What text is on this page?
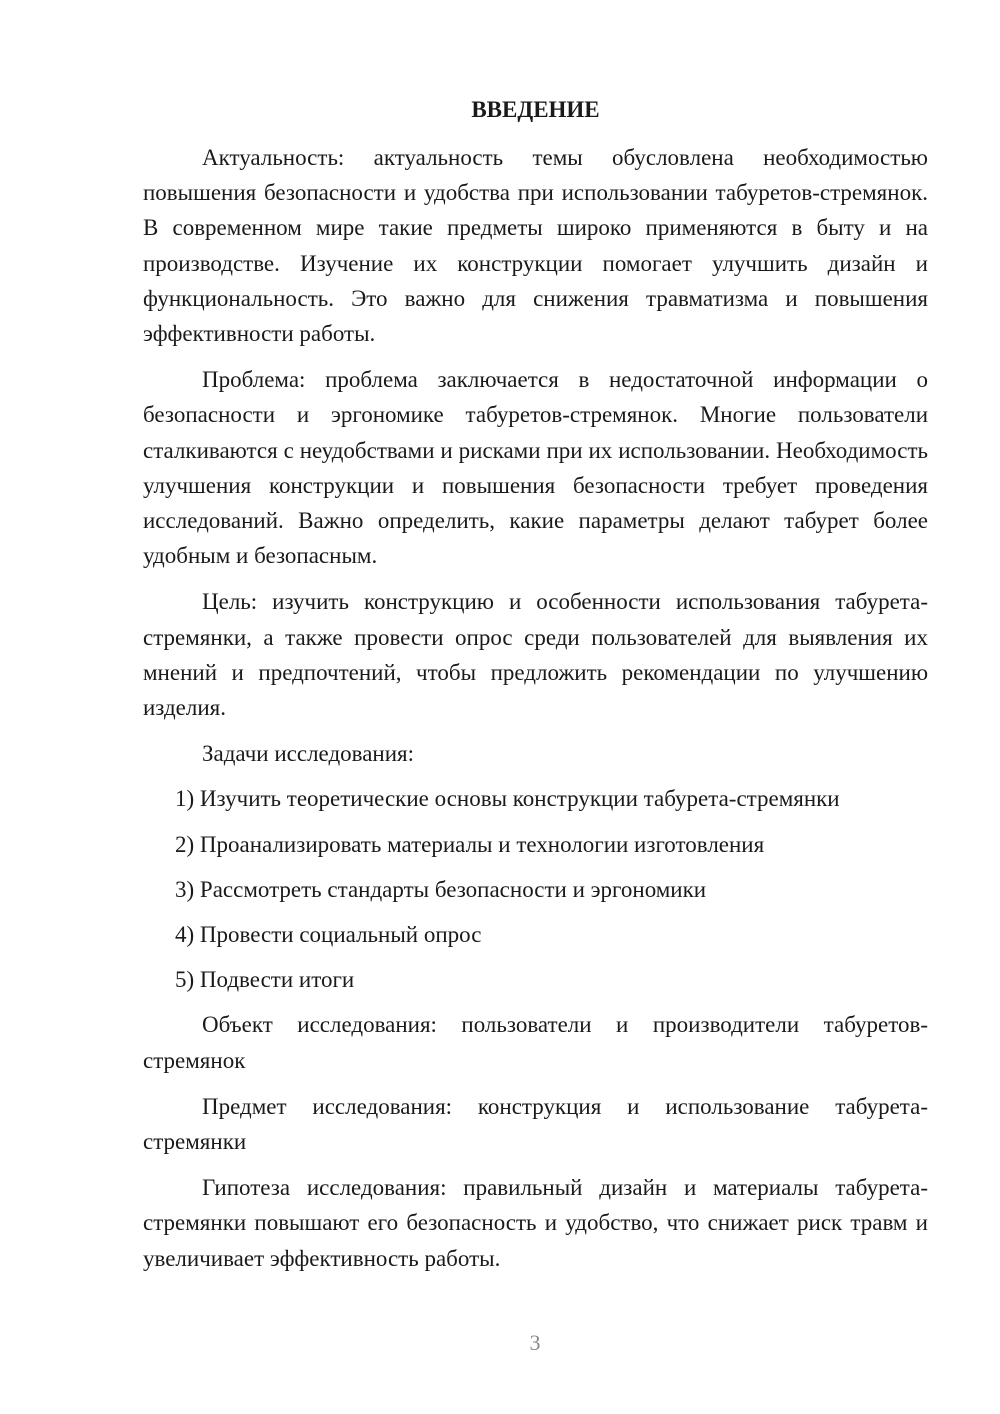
ВВЕДЕНИЕ

Актуальность: актуальность темы обусловлена необходимостью повышения безопасности и удобства при использовании табуретов-стремянок. В современном мире такие предметы широко применяются в быту и на производстве. Изучение их конструкции помогает улучшить дизайн и функциональность. Это важно для снижения травматизма и повышения эффективности работы.

Проблема: проблема заключается в недостаточной информации о безопасности и эргономике табуретов-стремянок. Многие пользователи сталкиваются с неудобствами и рисками при их использовании. Необходимость улучшения конструкции и повышения безопасности требует проведения исследований. Важно определить, какие параметры делают табурет более удобным и безопасным.

Цель: изучить конструкцию и особенности использования табурета-стремянки, а также провести опрос среди пользователей для выявления их мнений и предпочтений, чтобы предложить рекомендации по улучшению изделия.

Задачи исследования:
1) Изучить теоретические основы конструкции табурета-стремянки
2) Проанализировать материалы и технологии изготовления
3) Рассмотреть стандарты безопасности и эргономики
4) Провести социальный опрос
5) Подвести итоги

Объект исследования: пользователи и производители табуретов-стремянок

Предмет исследования: конструкция и использование табурета-стремянки

Гипотеза исследования: правильный дизайн и материалы табурета-стремянки повышают его безопасность и удобство, что снижает риск травм и увеличивает эффективность работы.

3
